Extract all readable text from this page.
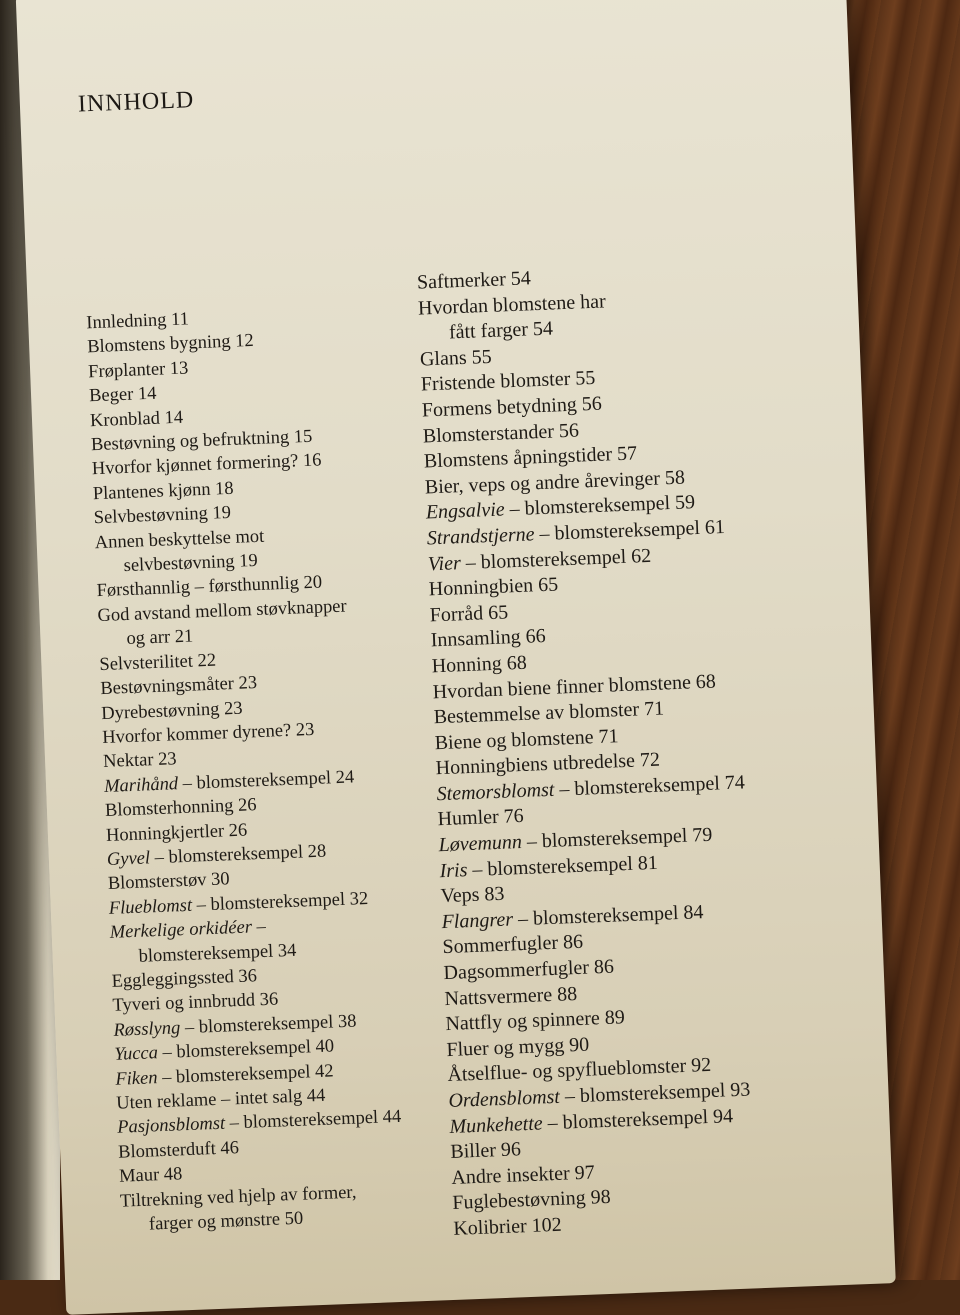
INNHOLD
Innledning 11
Blomstens bygning 12
Frøplanter 13
Beger 14
Kronblad 14
Bestøvning og befruktning 15
Hvorfor kjønnet formering? 16
Plantenes kjønn 18
Selvbestøvning 19
Annen beskyttelse mot
selvbestøvning 19
Førsthannlig – førsthunnlig 20
God avstand mellom støvknapper
og arr 21
Selvsterilitet 22
Bestøvningsmåter 23
Dyrebestøvning 23
Hvorfor kommer dyrene? 23
Nektar 23
Marihånd – blomstereksempel 24
Blomsterhonning 26
Honningkjertler 26
Gyvel – blomstereksempel 28
Blomsterstøv 30
Flueblomst – blomstereksempel 32
Merkelige orkidéer –
blomstereksempel 34
Eggleggingssted 36
Tyveri og innbrudd 36
Røsslyng – blomstereksempel 38
Yucca – blomstereksempel 40
Fiken – blomstereksempel 42
Uten reklame – intet salg 44
Pasjonsblomst – blomstereksempel 44
Blomsterduft 46
Maur 48
Tiltrekning ved hjelp av former,
farger og mønstre 50
Saftmerker 54
Hvordan blomstene har
fått farger 54
Glans 55
Fristende blomster 55
Formens betydning 56
Blomsterstander 56
Blomstens åpningstider 57
Bier, veps og andre årevinger 58
Engsalvie – blomstereksempel 59
Strandstjerne – blomstereksempel 61
Vier – blomstereksempel 62
Honningbien 65
Forråd 65
Innsamling 66
Honning 68
Hvordan biene finner blomstene 68
Bestemmelse av blomster 71
Biene og blomstene 71
Honningbiens utbredelse 72
Stemorsblomst – blomstereksempel 74
Humler 76
Løvemunn – blomstereksempel 79
Iris – blomstereksempel 81
Veps 83
Flangrer – blomstereksempel 84
Sommerfugler 86
Dagsommerfugler 86
Nattsvermere 88
Nattfly og spinnere 89
Fluer og mygg 90
Åtselflue- og spyflueblomster 92
Ordensblomst – blomstereksempel 93
Munkehette – blomstereksempel 94
Biller 96
Andre insekter 97
Fuglebestøvning 98
Kolibrier 102
